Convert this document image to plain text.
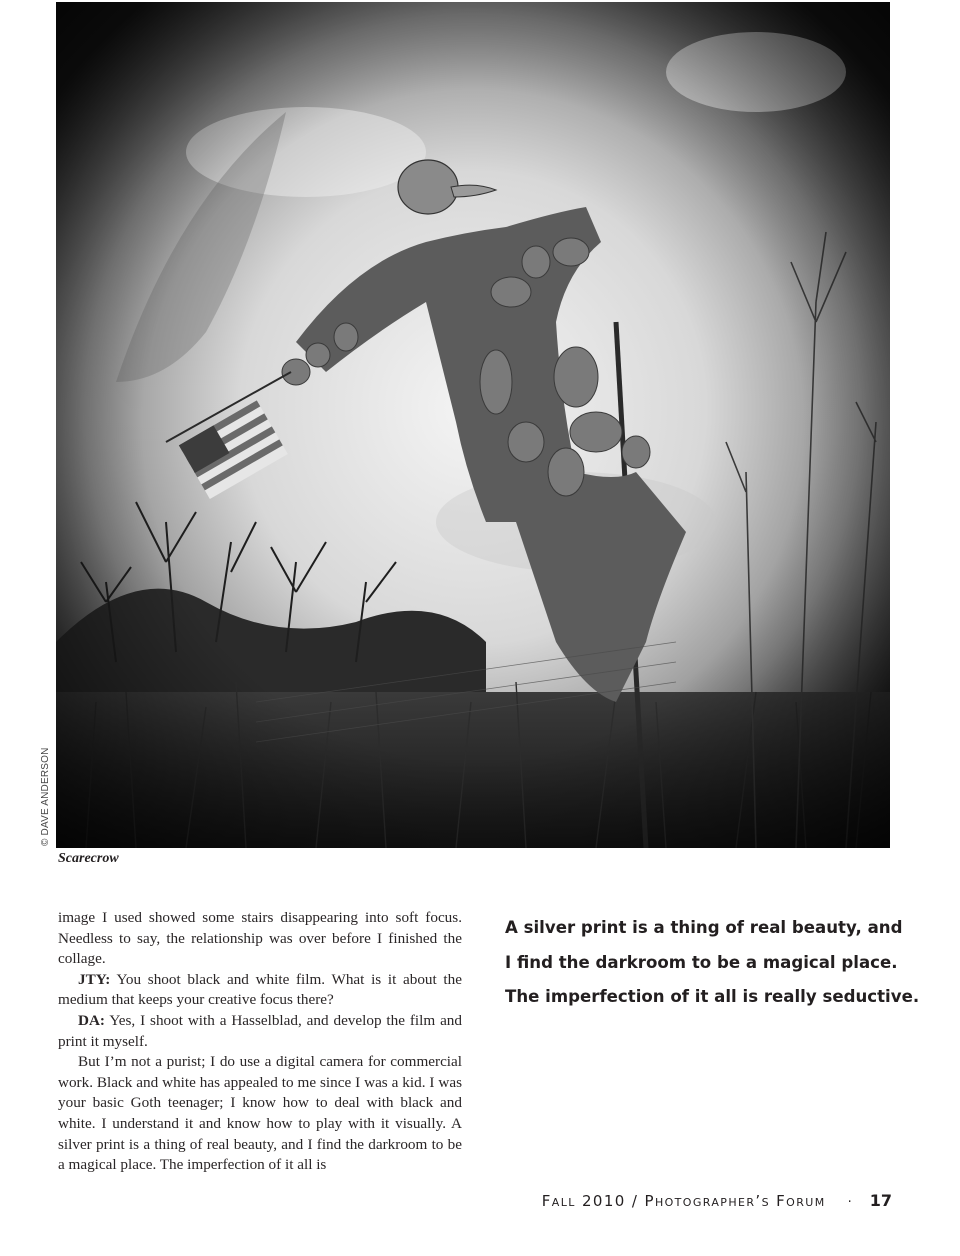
© DAVE ANDERSON
Scarecrow

image I used showed some stairs disappearing into soft focus. Needless to say, the relationship was over before I finished the collage.

JTY: You shoot black and white film. What is it about the medium that keeps your creative focus there?

DA: Yes, I shoot with a Hasselblad, and develop the film and print it myself.

But I’m not a purist; I do use a digital camera for commercial work. Black and white has appealed to me since I was a kid. I was your basic Goth teenager; I know how to deal with black and white. I understand it and know how to play with it visually. A silver print is a thing of real beauty, and I find the darkroom to be a magical place. The imperfection of it all is

A silver print is a thing of real beauty, and
I find the darkroom to be a magical place.
The imperfection of it all is really seductive.
Fall 2010 / Photographer’s Forum · 17
